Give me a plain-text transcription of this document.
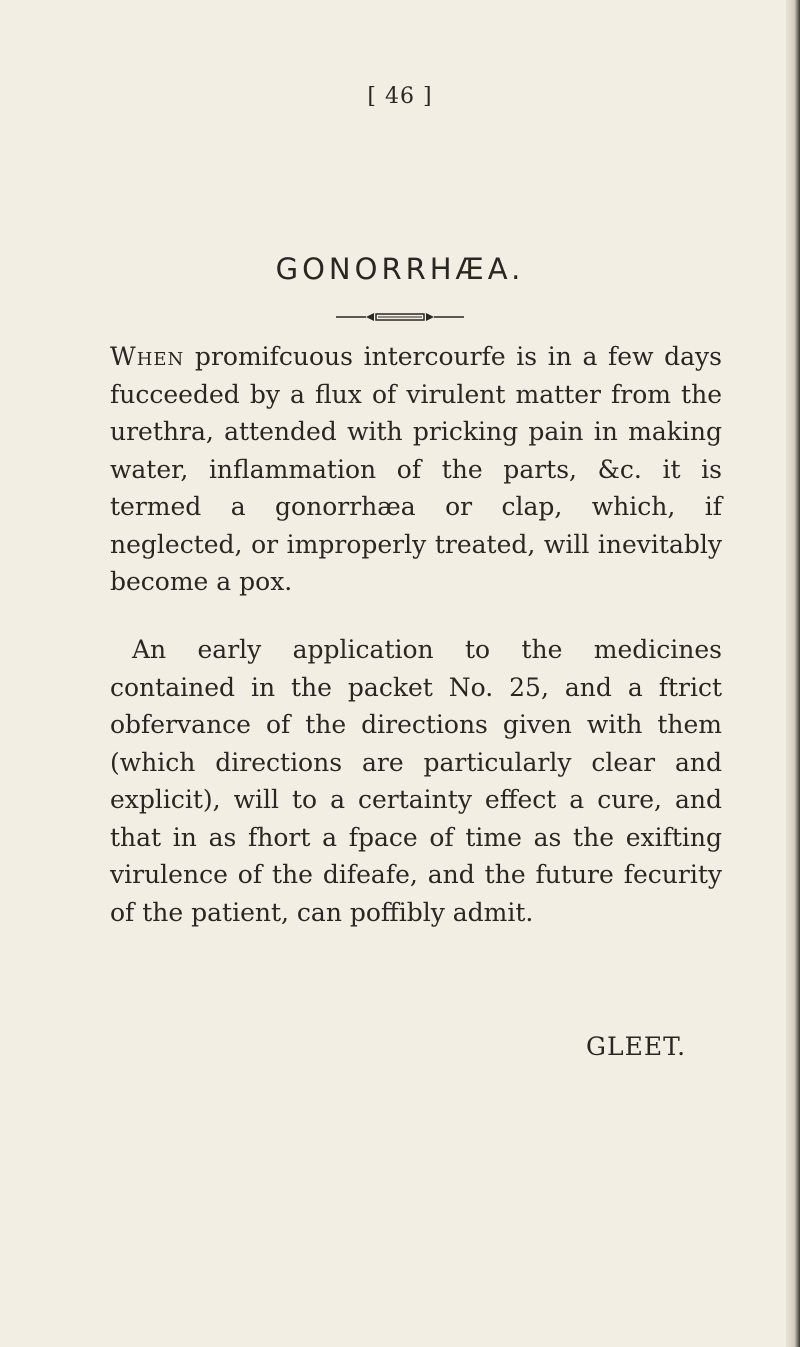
[ 46 ]
GONORRHÆA.

When promifcuous intercourfe is in a few days fucceeded by a flux of virulent matter from the urethra, attended with pricking pain in making water, inflammation of the parts, &c. it is termed a gonorrhæa or clap, which, if neglected, or improperly treated, will inevitably become a pox.

An early application to the medicines contained in the packet No. 25, and a ftrict obfervance of the directions given with them (which directions are particularly clear and explicit), will to a certainty effect a cure, and that in as fhort a fpace of time as the exifting virulence of the difeafe, and the future fecurity of the patient, can poffibly admit.

GLEET.
